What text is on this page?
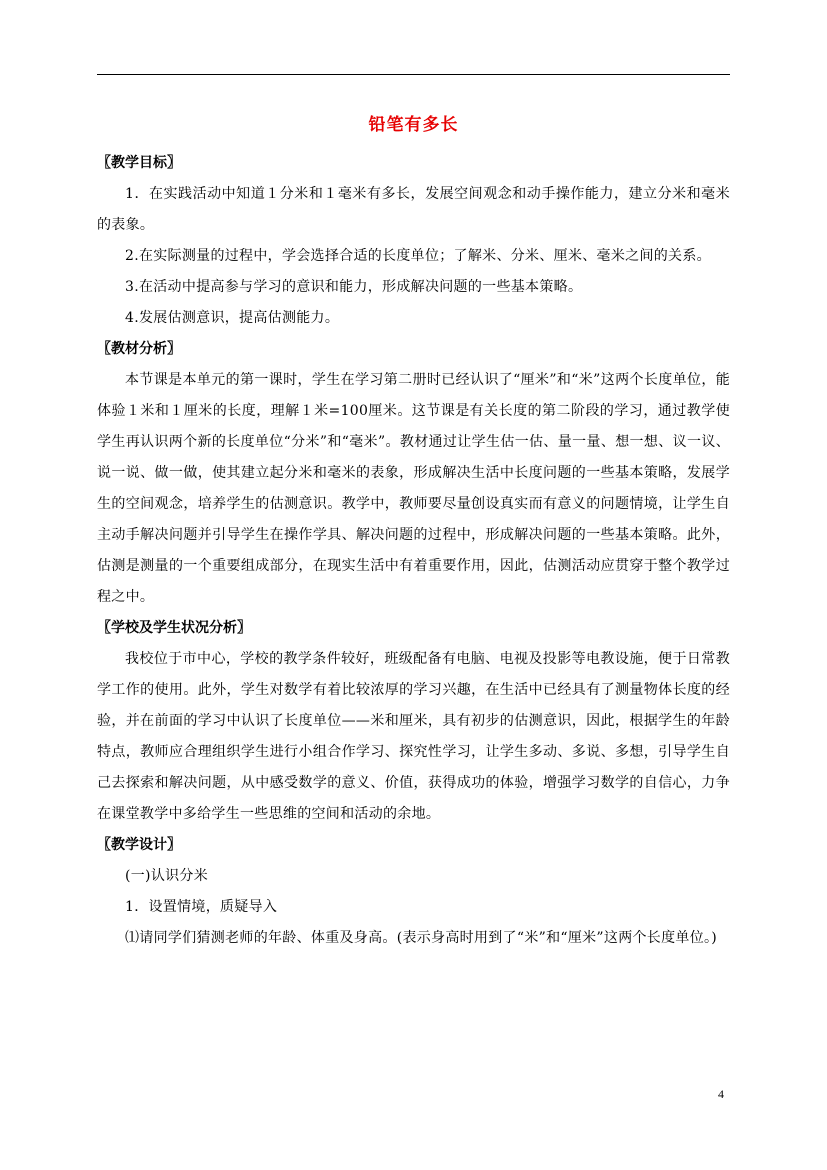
铅笔有多长

〖教学目标〗

1．在实践活动中知道１分米和１毫米有多长，发展空间观念和动手操作能力，建立分米和毫米的表象。

2.在实际测量的过程中，学会选择合适的长度单位；了解米、分米、厘米、毫米之间的关系。

3.在活动中提高参与学习的意识和能力，形成解决问题的一些基本策略。

4.发展估测意识，提高估测能力。

〖教材分析〗

本节课是本单元的第一课时，学生在学习第二册时已经认识了“厘米”和“米”这两个长度单位，能体验１米和１厘米的长度，理解１米=100厘米。这节课是有关长度的第二阶段的学习，通过教学使学生再认识两个新的长度单位“分米”和“毫米”。教材通过让学生估一估、量一量、想一想、议一议、说一说、做一做，使其建立起分米和毫米的表象，形成解决生活中长度问题的一些基本策略，发展学生的空间观念，培养学生的估测意识。教学中，教师要尽量创设真实而有意义的问题情境，让学生自主动手解决问题并引导学生在操作学具、解决问题的过程中，形成解决问题的一些基本策略。此外，估测是测量的一个重要组成部分，在现实生活中有着重要作用，因此，估测活动应贯穿于整个教学过程之中。

〖学校及学生状况分析〗

我校位于市中心，学校的教学条件较好，班级配备有电脑、电视及投影等电教设施，便于日常教学工作的使用。此外，学生对数学有着比较浓厚的学习兴趣，在生活中已经具有了测量物体长度的经验，并在前面的学习中认识了长度单位——米和厘米，具有初步的估测意识，因此，根据学生的年龄特点，教师应合理组织学生进行小组合作学习、探究性学习，让学生多动、多说、多想，引导学生自己去探索和解决问题，从中感受数学的意义、价值，获得成功的体验，增强学习数学的自信心，力争在课堂教学中多给学生一些思维的空间和活动的余地。

〖教学设计〗

(一)认识分米

1．设置情境，质疑导入

⑴请同学们猜测老师的年龄、体重及身高。(表示身高时用到了“米”和“厘米”这两个长度单位。)

4
